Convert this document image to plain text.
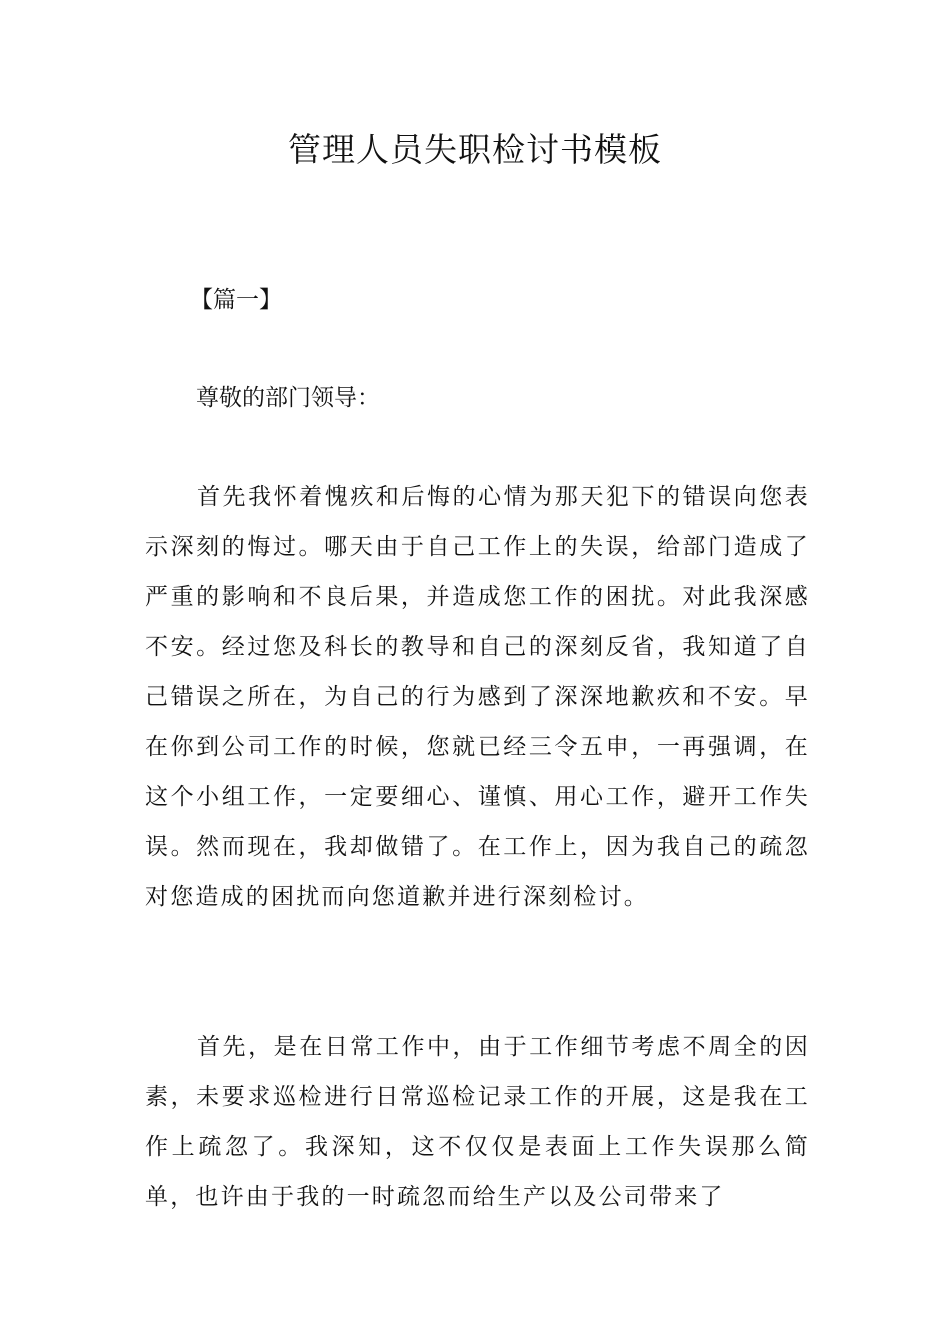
管理人员失职检讨书模板

【篇一】

尊敬的部门领导：

首先我怀着愧疚和后悔的心情为那天犯下的错误向您表示深刻的悔过。哪天由于自己工作上的失误，给部门造成了严重的影响和不良后果，并造成您工作的困扰。对此我深感不安。经过您及科长的教导和自己的深刻反省，我知道了自己错误之所在，为自己的行为感到了深深地歉疚和不安。早在你到公司工作的时候，您就已经三令五申，一再强调，在这个小组工作，一定要细心、谨慎、用心工作，避开工作失误。然而现在，我却做错了。在工作上，因为我自己的疏忽对您造成的困扰而向您道歉并进行深刻检讨。

首先，是在日常工作中，由于工作细节考虑不周全的因素，未要求巡检进行日常巡检记录工作的开展，这是我在工作上疏忽了。我深知，这不仅仅是表面上工作失误那么简单，也许由于我的一时疏忽而给生产以及公司带来了
